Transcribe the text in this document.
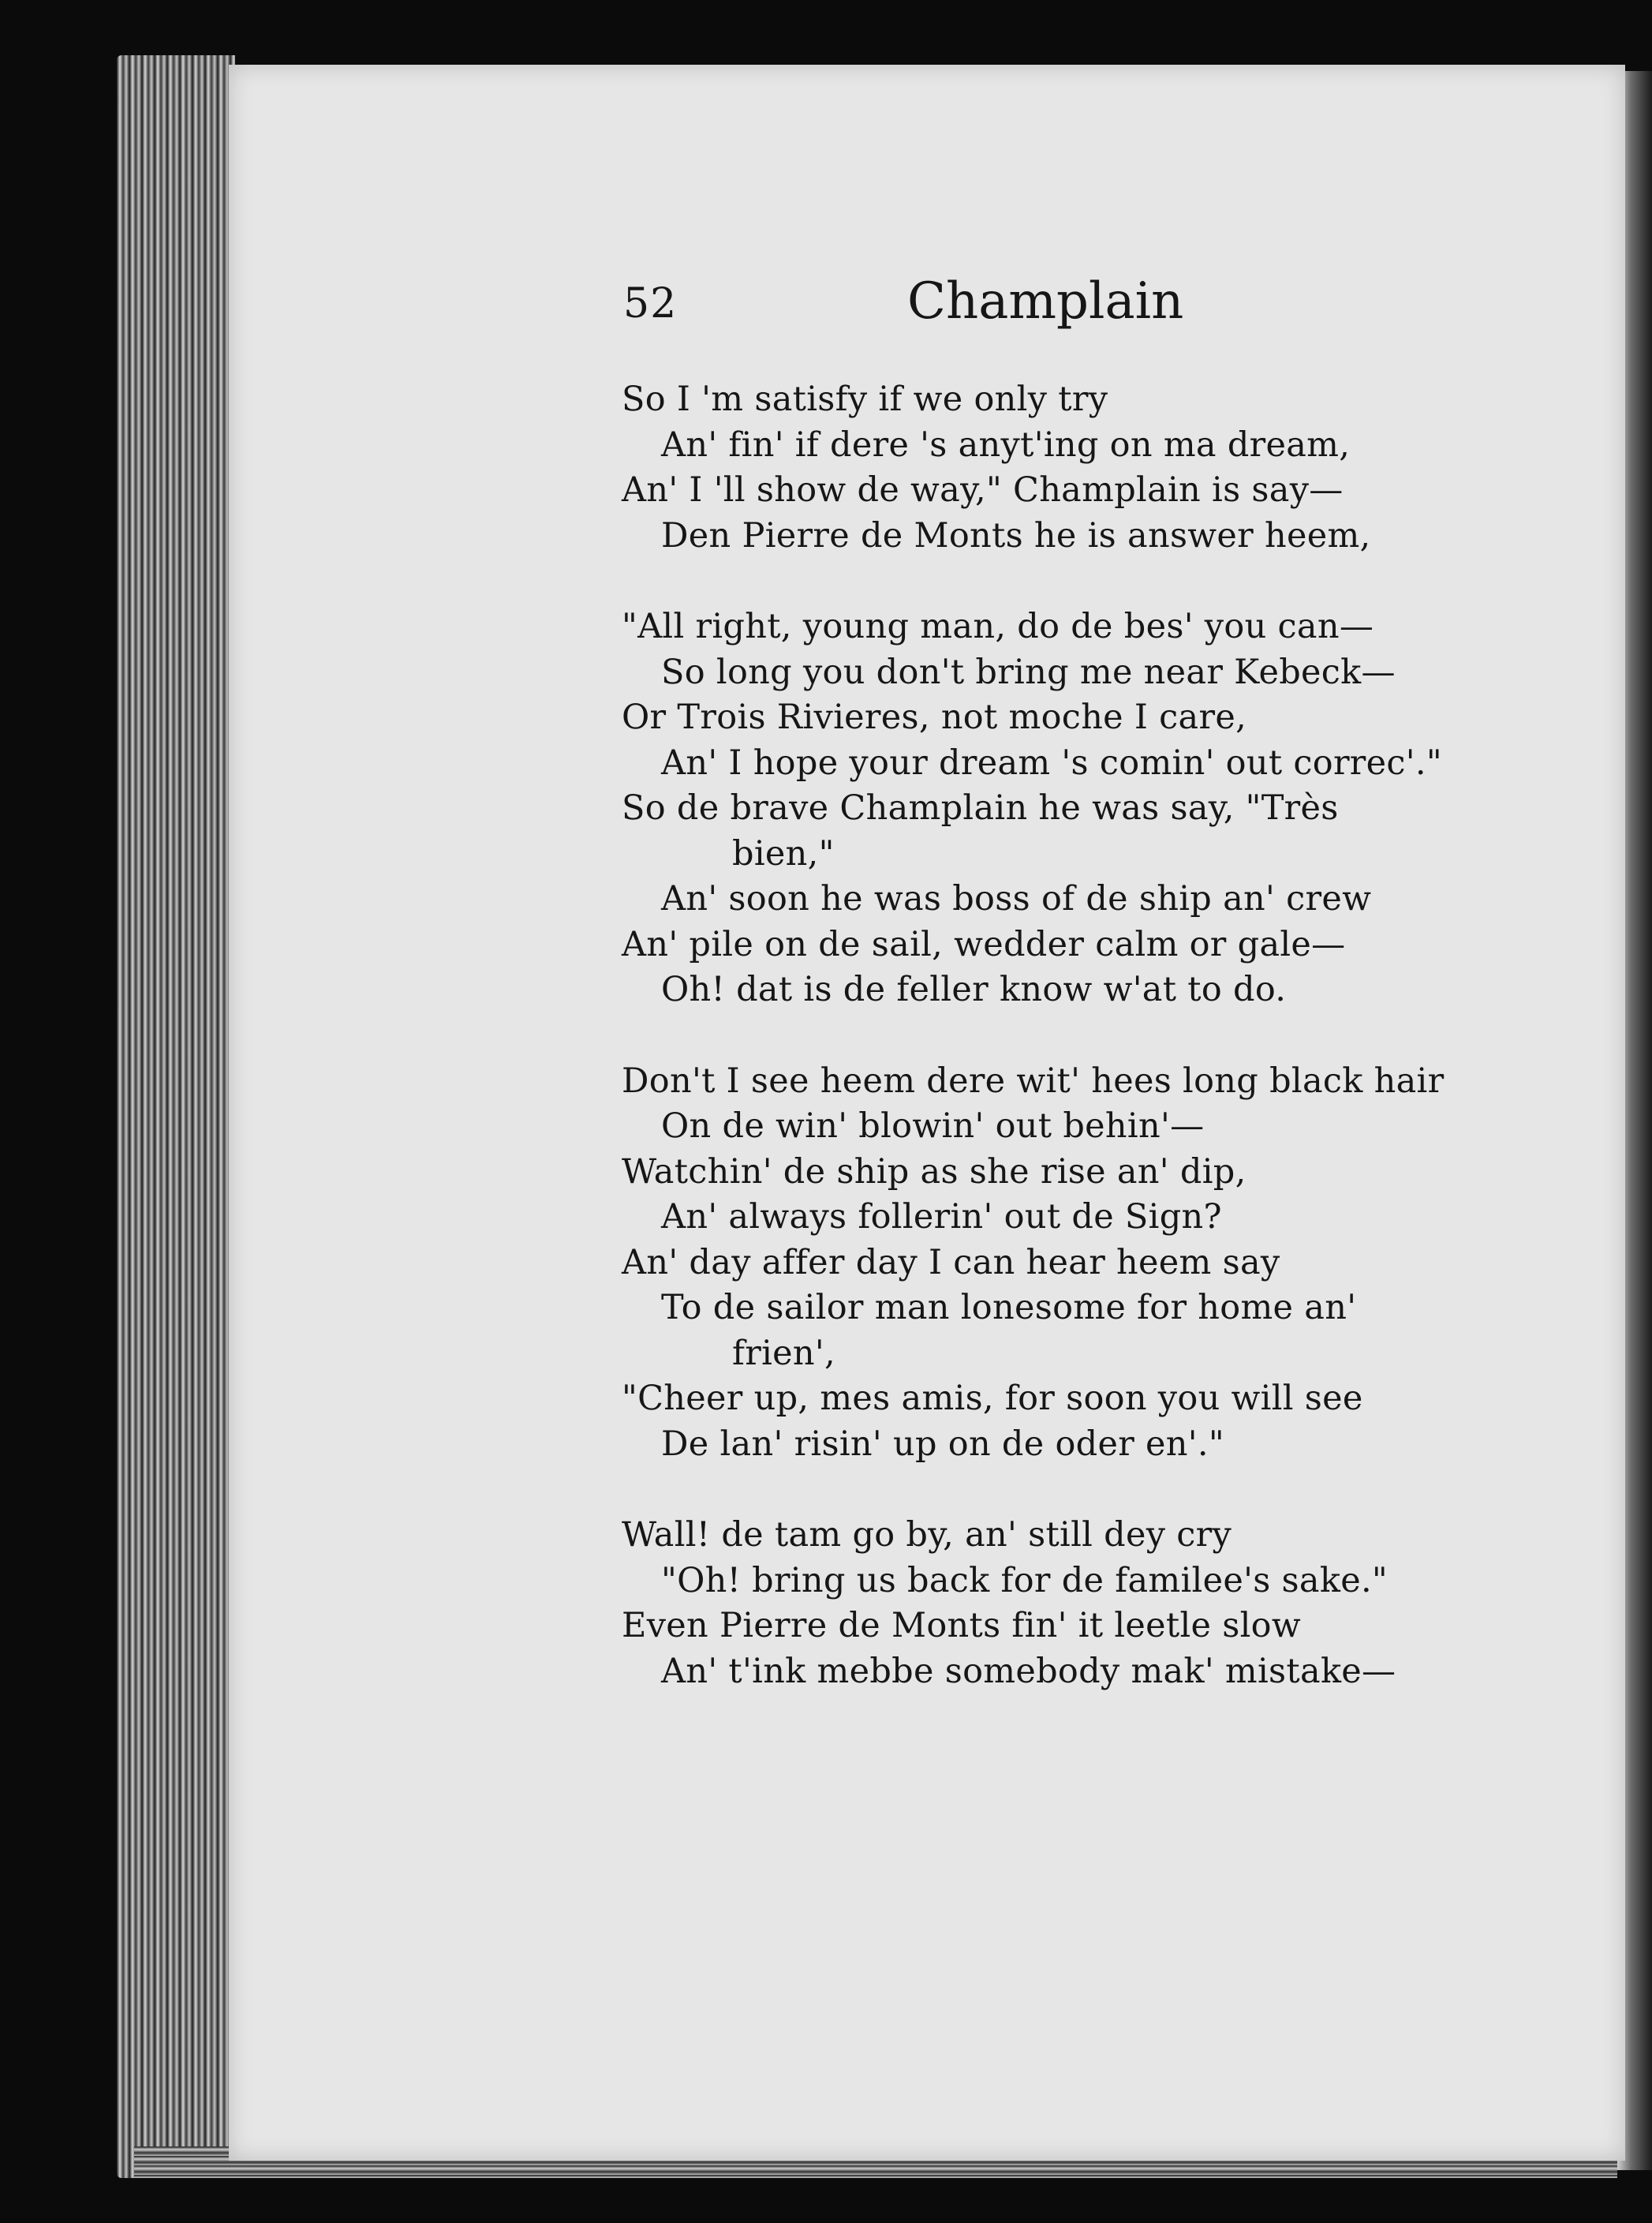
52	Champlain
So I 'm satisfy if we only try
An' fin' if dere 's anyt'ing on ma dream,
An' I 'll show de way," Champlain is say—
Den Pierre de Monts he is answer heem,
"All right, young man, do de bes' you can—
So long you don't bring me near Kebeck—
Or Trois Rivieres, not moche I care,
An' I hope your dream 's comin' out correc'."
So de brave Champlain he was say, "Très
bien,"
An' soon he was boss of de ship an' crew
An' pile on de sail, wedder calm or gale—
Oh! dat is de feller know w'at to do.
Don't I see heem dere wit' hees long black hair
On de win' blowin' out behin'—
Watchin' de ship as she rise an' dip,
An' always follerin' out de Sign?
An' day affer day I can hear heem say
To de sailor man lonesome for home an'
frien',
"Cheer up, mes amis, for soon you will see
De lan' risin' up on de oder en'."
Wall! de tam go by, an' still dey cry
"Oh! bring us back for de familee's sake."
Even Pierre de Monts fin' it leetle slow
An' t'ink mebbe somebody mak' mistake—
